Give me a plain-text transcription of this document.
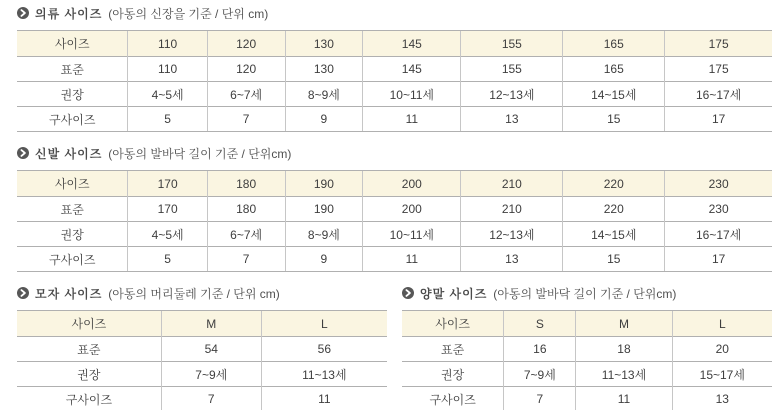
의류 사이즈 (아동의 신장을 기준 / 단위 cm)
사이즈	110	120	130	145	155	165	175
표준	110	120	130	145	155	165	175
권장	4~5세	6~7세	8~9세	10~11세	12~13세	14~15세	16~17세
구사이즈	5	7	9	11	13	15	17
신발 사이즈 (아동의 발바닥 길이 기준 / 단위cm)
사이즈	170	180	190	200	210	220	230
표준	170	180	190	200	210	220	230
권장	4~5세	6~7세	8~9세	10~11세	12~13세	14~15세	16~17세
구사이즈	5	7	9	11	13	15	17
모자 사이즈 (아동의 머리둘레 기준 / 단위 cm)
사이즈	M	L
표준	54	56
권장	7~9세	11~13세
구사이즈	7	11
양말 사이즈 (아동의 발바닥 길이 기준 / 단위cm)
사이즈	S	M	L
표준	16	18	20
권장	7~9세	11~13세	15~17세
구사이즈	7	11	13
